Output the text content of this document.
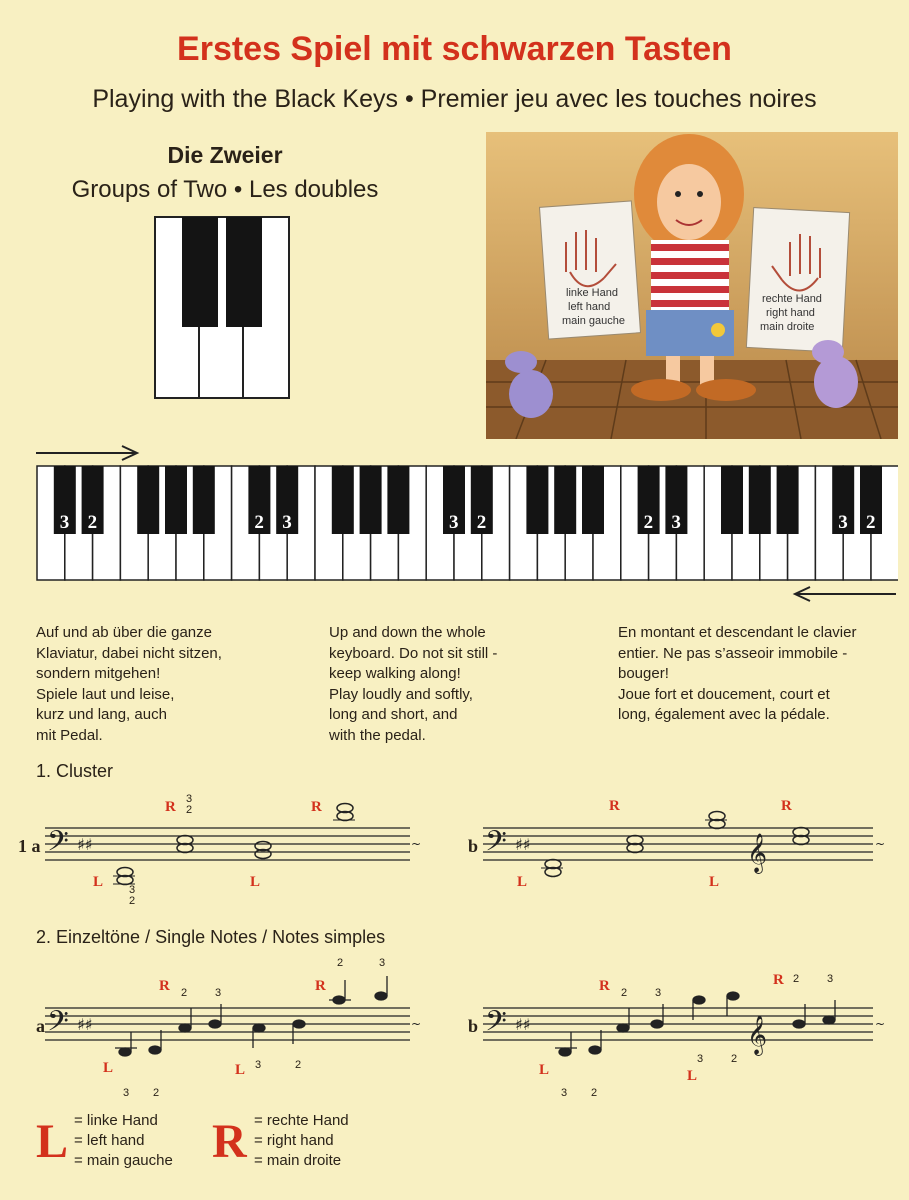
Erstes Spiel mit schwarzen Tasten
Playing with the Black Keys • Premier jeu avec les touches noires
Die Zweier
Groups of Two • Les doubles
linke Hand
left hand
main gauche
rechte Hand
right hand
main droite
3 2	2 3	3 2	2 3	3 2
Auf und ab über die ganze
Klaviatur, dabei nicht sitzen,
sondern mitgehen!
Spiele laut und leise,
kurz und lang, auch
mit Pedal.
Up and down the whole
keyboard. Do not sit still -
keep walking along!
Play loudly and softly,
long and short, and
with the pedal.
En montant et descendant le clavier
entier. Ne pas s’asseoir immobile -
bouger!
Joue fort et doucement, court et
long, également avec la pédale.
1. Cluster
1 a	b
𝄢 ♯♯
L 3
2
R 3
2
L
R
~ 𝄢 ♯♯
L
R
L
𝄞
R
~
2. Einzeltöne / Single Notes / Notes simples
a	b
𝄢 ♯♯
L
3 2
R 2	3
L 3	2
R
2	3
~ 𝄢 ♯♯	𝄞
L
3 2
R 2	3
L
3	2
R 2	3
~
L = linke Hand
= left hand
= main gauche R = rechte Hand
= right hand
= main droite
